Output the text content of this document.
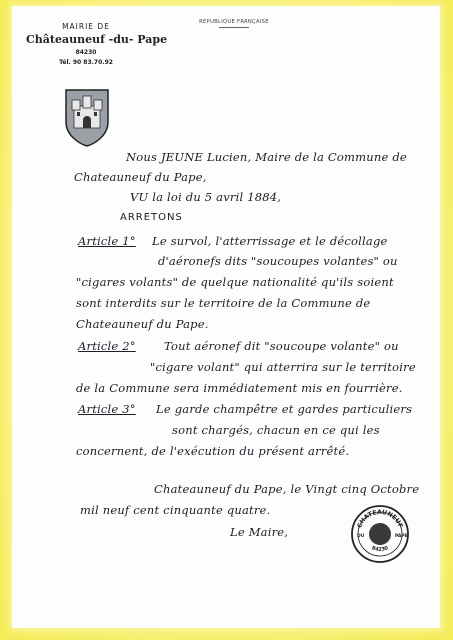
MAIRIE DE
Châteauneuf -du- Pape
84230
Tél. 90 83.70.92
REPUBLIQUE FRANÇAISE
Nous JEUNE Lucien, Maire de la Commune de
Chateauneuf du Pape,
VU la loi du 5 avril 1884,
ARRETONS
Article 1° Le survol, l'atterrissage et le décollage
d'aéronefs dits "soucoupes volantes" ou
"cigares volants" de quelque nationalité qu'ils soient
sont interdits sur le territoire de la Commune de
Chateauneuf du Pape.
Article 2° Tout aéronef dit "soucoupe volante" ou
"cigare volant" qui atterrira sur le territoire
de la Commune sera immédiatement mis en fourrière.
Article 3° Le garde champêtre et gardes particuliers
sont chargés, chacun en ce qui les
concernent, de l'exécution du présent arrêté.
Chateauneuf du Pape, le Vingt cinq Octobre
mil neuf cent cinquante quatre.
Le Maire,	CHATEAUNEUF
84230
DU	PAPE
